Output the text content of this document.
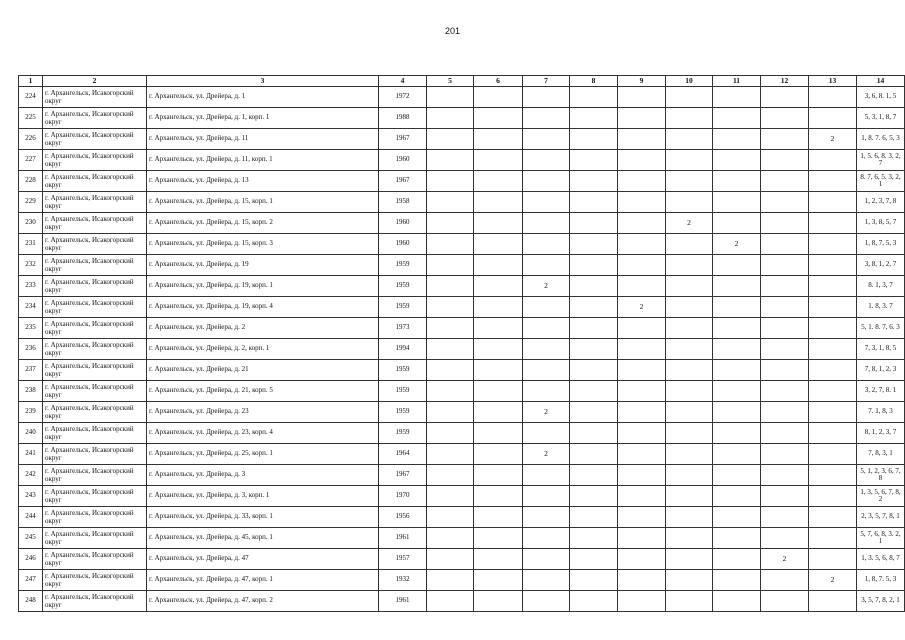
201
1	2	3	4	5	6	7	8	9	10	11	12	13	14
224	г. Архангельск, Исакогорский округ	г. Архангельск, ул. Дрейера, д. 1	1972										3, 6, 8. 1, 5
225	г. Архангельск, Исакогорский округ	г. Архангельск, ул. Дрейера, д. 1, корп. 1	1988										5, 3, 1, 8, 7
226	г. Архангельск, Исакогорский округ	г. Архангельск, ул. Дрейера, д. 11	1967									2	1, 8. 7. 6, 5, 3
227	г. Архангельск, Исакогорский округ	г. Архангельск, ул. Дрейера, д. 11, корп. 1	1960										1, 5. 6, 8. 3. 2, 7
228	г. Архангельск, Исакогорский округ	г. Архангельск, ул. Дрейера, д. 13	1967										8. 7, 6, 5. 3, 2, 1
229	г. Архангельск, Исакогорский округ	г. Архангельск, ул. Дрейера, д. 15, корп. 1	1958										1, 2, 3, 7, 8
230	г. Архангельск, Исакогорский округ	г. Архангельск, ул. Дрейера, д. 15, корп. 2	1960						2				1, 3, 8, 5, 7
231	г. Архангельск, Исакогорский округ	г. Архангельск, ул. Дрейера, д. 15, корп. 3	1960							2			1, 8, 7, 5, 3
232	г. Архангельск, Исакогорский округ	г. Архангельск, ул. Дрейера, д. 19	1959										3, 8, 1, 2, 7
233	г. Архангельск, Исакогорский округ	г. Архангельск, ул. Дрейера, д. 19, корп. 1	1959			2							8. 1, 3, 7
234	г. Архангельск, Исакогорский округ	г. Архангельск, ул. Дрейера, д. 19, корп. 4	1959					2					1. 8, 3. 7
235	г. Архангельск, Исакогорский округ	г. Архангельск, ул. Дрейера, д. 2	1973										5, 1. 8. 7, 6. 3
236	г. Архангельск, Исакогорский округ	г. Архангельск, ул. Дрейера, д. 2, корп. 1	1994										7, 3, 1, 8, 5
237	г. Архангельск, Исакогорский округ	г. Архангельск, ул. Дрейера, д. 21	1959										7, 8, 1, 2, 3
238	г. Архангельск, Исакогорский округ	г. Архангельск, ул. Дрейера, д. 21, корп. 5	1959										3, 2, 7, 8. 1
239	г. Архангельск, Исакогорский округ	г. Архангельск, ул. Дрейера, д. 23	1959			2							7. 1, 8, 3
240	г. Архангельск, Исакогорский округ	г. Архангельск, ул. Дрейера, д. 23, корп. 4	1959										8, 1, 2, 3, 7
241	г. Архангельск, Исакогорский округ	г. Архангельск, ул. Дрейера, д. 25, корп. 1	1964			2							7, 8, 3, 1
242	г. Архангельск, Исакогорский округ	г. Архангельск, ул. Дрейера, д. 3	1967										5, 1, 2, 3, 6, 7, 8
243	г. Архангельск, Исакогорский округ	г. Архангельск, ул. Дрейера, д. 3, корп. 1	1970										1, 3, 5, 6, 7, 8, 2
244	г. Архангельск, Исакогорский округ	г. Архангельск, ул. Дрейера, д. 33, корп. 1	1956										2, 3, 5, 7, 8, 1
245	г. Архангельск, Исакогорский округ	г. Архангельск, ул. Дрейера, д. 45, корп. 1	1961										5, 7, 6, 8, 3. 2, 1
246	г. Архангельск, Исакогорский округ	г. Архангельск, ул. Дрейера, д. 47	1957								2		1, 3. 5, 6, 8, 7
247	г. Архангельск, Исакогорский округ	г. Архангельск, ул. Дрейера, д. 47, корп. 1	1932									2	1, 8, 7. 5, 3
248	г. Архангельск, Исакогорский округ	г. Архангельск, ул. Дрейера, д. 47, корп. 2	1961										3, 5, 7, 8, 2, 1
